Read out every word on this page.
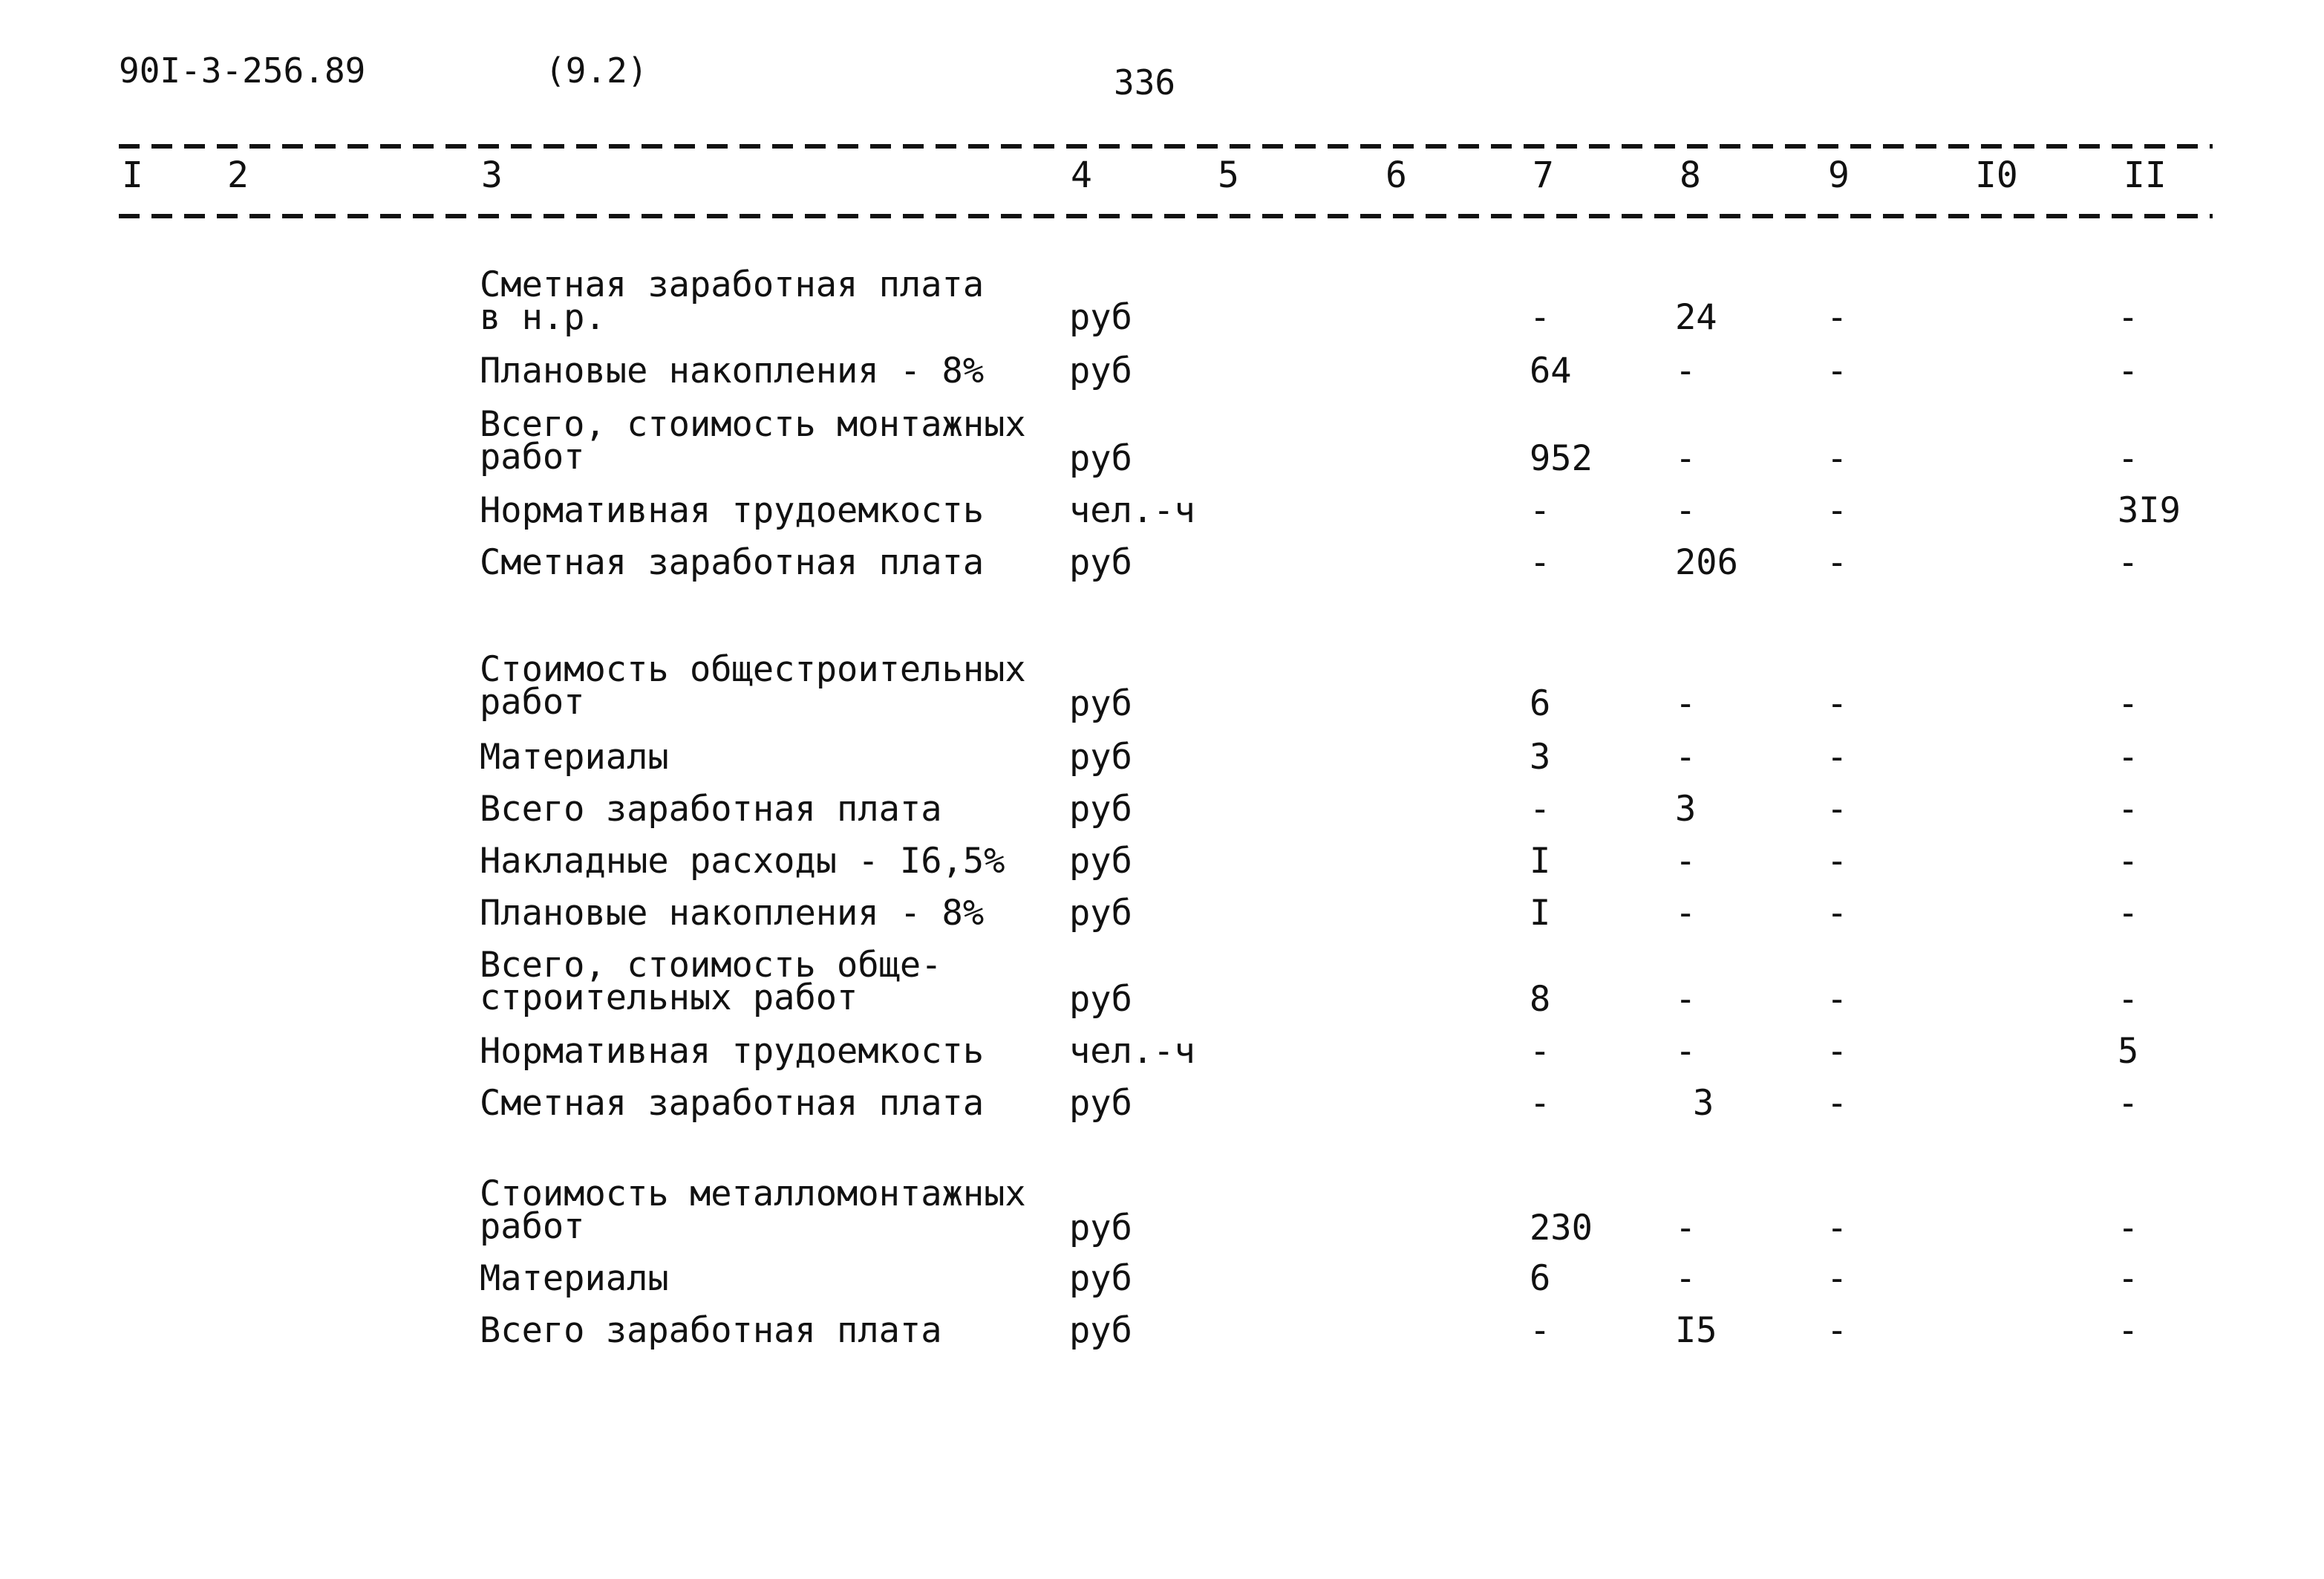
90I-3-256.89	(9.2)	336
I 2	3	4	5	6	7	8	9	I0	II
Сметная заработная плата
в н.р.	руб	-	24	-	-
Плановые накопления - 8% руб	64	-	-	-
Всего, стоимость монтажных
работ	руб	952 -	-	-
Нормативная трудоемкость чел.-ч	-	-	-	3I9
Сметная заработная плата руб	-	206	-	-
Стоимость общестроительных
работ	руб	6	-	-	-
Материалы	руб	3	-	-	-
Всего заработная плата	руб	-	3	-	-
Накладные расходы - I6,5% руб	I	-	-	-
Плановые накопления - 8% руб	I	-	-	-
Всего, стоимость обще-
строительных работ	руб	8	-	-	-
Нормативная трудоемкость чел.-ч	-	-	-	5
Сметная заработная плата руб	-	3	-	-
Стоимость металломонтажных
работ	руб	230 -	-	-
Материалы	руб	6	-	-	-
Всего заработная плата	руб	-	I5	-	-
